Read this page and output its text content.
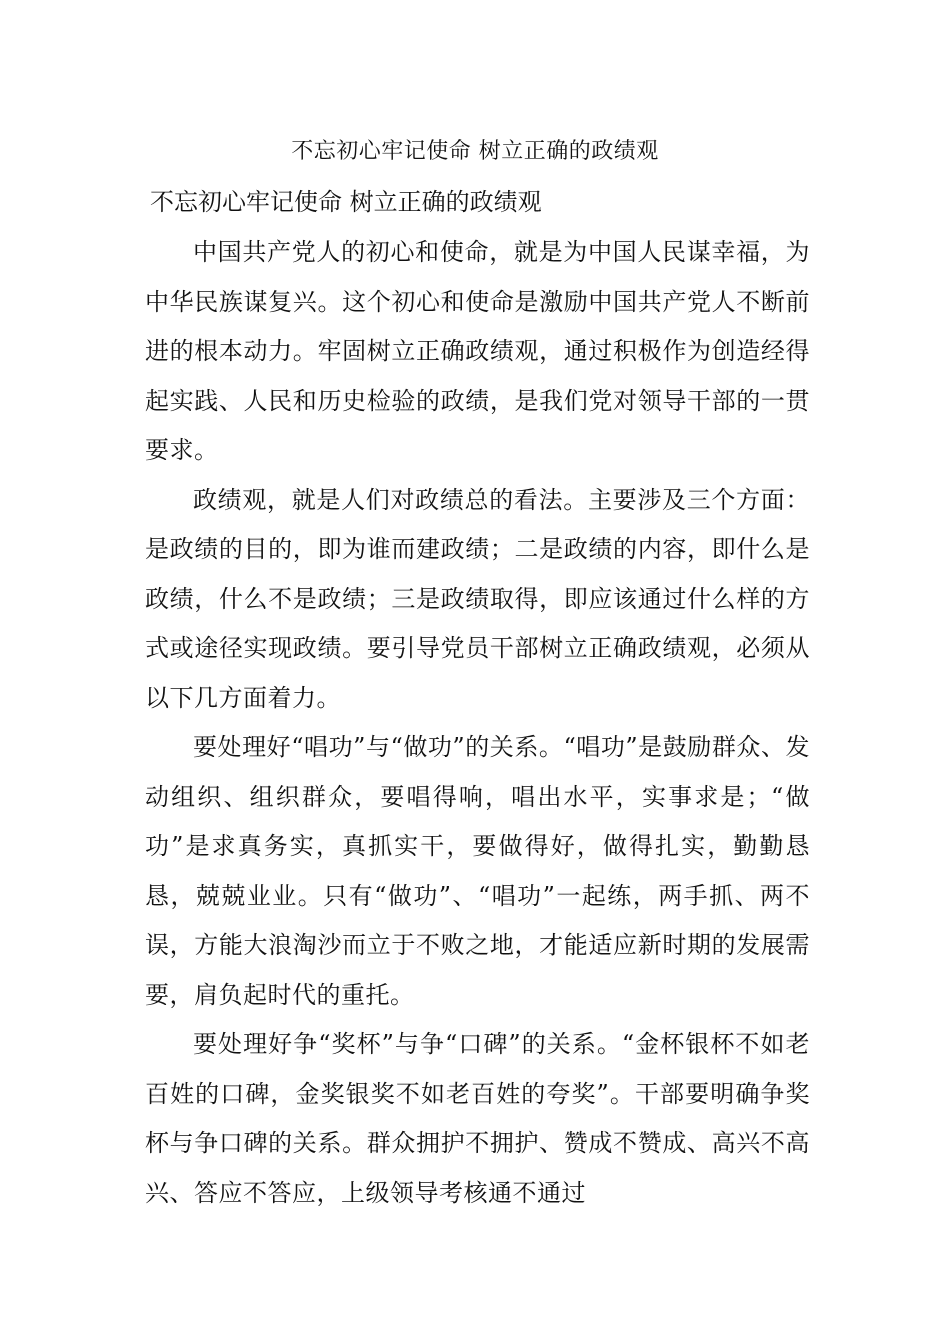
不忘初心牢记使命 树立正确的政绩观
不忘初心牢记使命 树立正确的政绩观

中国共产党人的初心和使命，就是为中国人民谋幸福，为中华民族谋复兴。这个初心和使命是激励中国共产党人不断前进的根本动力。牢固树立正确政绩观，通过积极作为创造经得起实践、人民和历史检验的政绩，是我们党对领导干部的一贯要求。

政绩观，就是人们对政绩总的看法。主要涉及三个方面：是政绩的目的，即为谁而建政绩；二是政绩的内容，即什么是政绩，什么不是政绩；三是政绩取得，即应该通过什么样的方式或途径实现政绩。要引导党员干部树立正确政绩观，必须从以下几方面着力。

要处理好“唱功”与“做功”的关系。“唱功”是鼓励群众、发动组织、组织群众，要唱得响，唱出水平，实事求是；“做功”是求真务实，真抓实干，要做得好，做得扎实，勤勤恳恳，兢兢业业。只有“做功”、“唱功”一起练，两手抓、两不误，方能大浪淘沙而立于不败之地，才能适应新时期的发展需要，肩负起时代的重托。

要处理好争“奖杯”与争“口碑”的关系。“金杯银杯不如老百姓的口碑，金奖银奖不如老百姓的夸奖”。干部要明确争奖杯与争口碑的关系。群众拥护不拥护、赞成不赞成、高兴不高兴、答应不答应，上级领导考核通不通过
